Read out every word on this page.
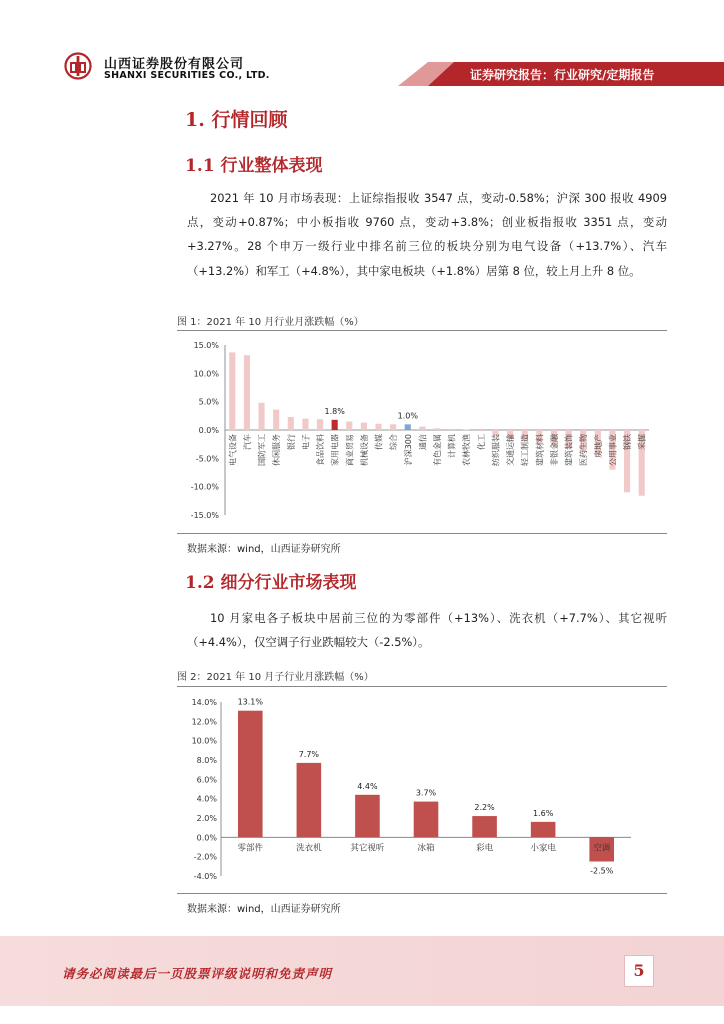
山西证券股份有限公司
SHANXI SECURITIES CO., LTD.	证券研究报告：行业研究/定期报告
1. 行情回顾
1.1 行业整体表现
2021 年 10 月市场表现：上证综指报收 3547 点，变动-0.58%；沪深 300 报收 4909 点，变动+0.87%；中小板指收 9760 点，变动+3.8%；创业板指报收 3351 点，变动+3.27%。28 个申万一级行业中排名前三位的板块分别为电气设备（+13.7%）、汽车（+13.2%）和军工（+4.8%），其中家电板块（+1.8%）居第 8 位，较上月上升 8 位。
图 1：2021 年 10 月行业月涨跌幅（%）
15.0%
10.0%
5.0%
0.0%
-5.0%
-10.0%
-15.0%
电气设备 汽车 国防军工 休闲服务 银行 电子 食品饮料
1.8%
家用电器 商业贸易 机械设备 传媒 综合
1.0%
沪深300 通信 有色金属 计算机 农林牧渔 化工 纺织服装 交通运输 轻工制造 建筑材料 非银金融 建筑装饰 医药生物 房地产 公用事业 钢铁 采掘
数据来源：wind，山西证券研究所
1.2 细分行业市场表现
10 月家电各子板块中居前三位的为零部件（+13%）、洗衣机（+7.7%）、其它视听（+4.4%），仅空调子行业跌幅较大（-2.5%）。
图 2：2021 年 10 月子行业月涨跌幅（%）
14.0%
12.0%
10.0%
8.0%
6.0%
4.0%
2.0%
0.0%
-2.0%
-4.0%
13.1%
零部件
7.7%
洗衣机
4.4%
其它视听
3.7%
冰箱
2.2%
彩电
1.6%
小家电
-2.5%
空调
数据来源：wind，山西证券研究所
请务必阅读最后一页股票评级说明和免责声明	5
